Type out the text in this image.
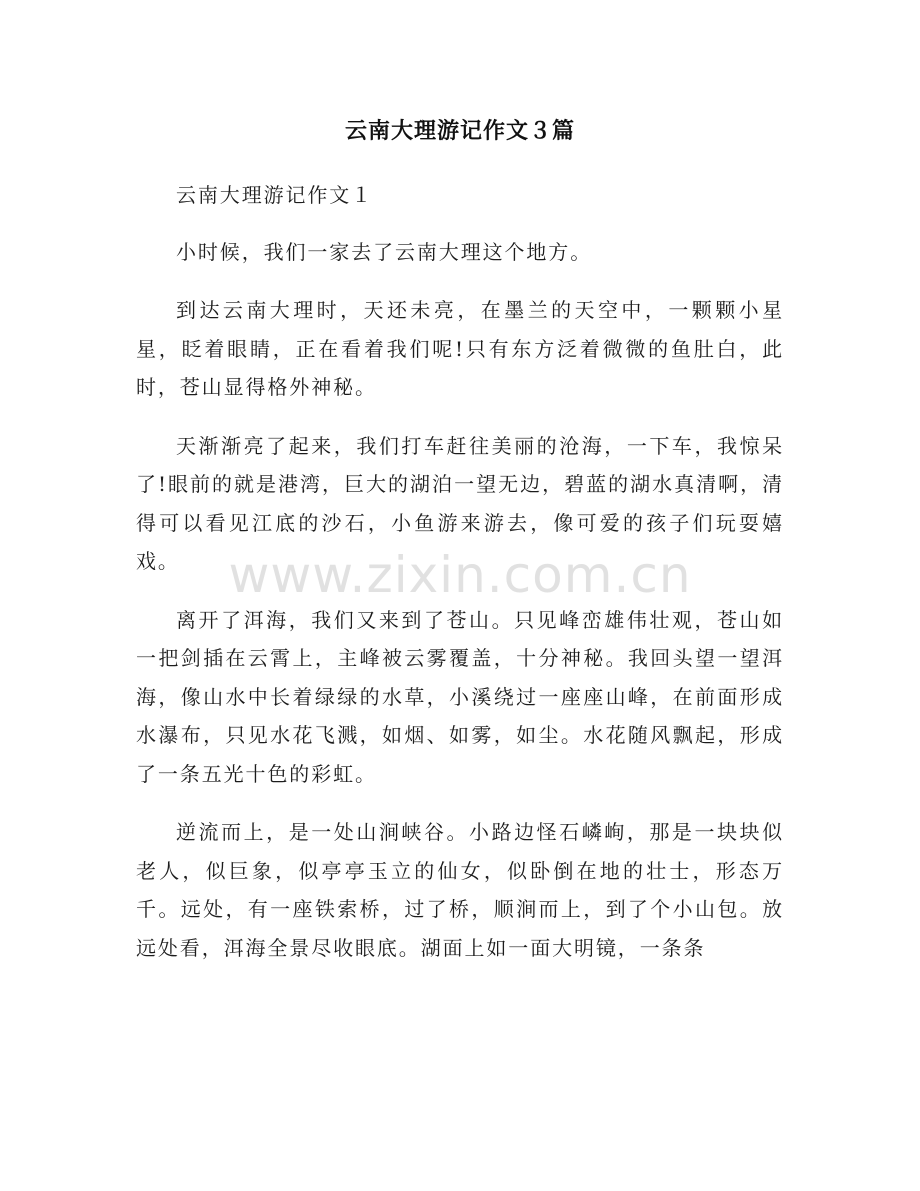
云南大理游记作文３篇

云南大理游记作文１

小时候，我们一家去了云南大理这个地方。

到达云南大理时，天还未亮，在墨兰的天空中，一颗颗小星星，眨着眼睛，正在看着我们呢!只有东方泛着微微的鱼肚白，此时，苍山显得格外神秘。

天渐渐亮了起来，我们打车赶往美丽的沧海，一下车，我惊呆了!眼前的就是港湾，巨大的湖泊一望无边，碧蓝的湖水真清啊，清得可以看见江底的沙石，小鱼游来游去，像可爱的孩子们玩耍嬉戏。

离开了洱海，我们又来到了苍山。只见峰峦雄伟壮观，苍山如一把剑插在云霄上，主峰被云雾覆盖，十分神秘。我回头望一望洱海，像山水中长着绿绿的水草，小溪绕过一座座山峰，在前面形成水瀑布，只见水花飞溅，如烟、如雾，如尘。水花随风飘起，形成了一条五光十色的彩虹。

逆流而上，是一处山涧峡谷。小路边怪石嶙峋，那是一块块似老人，似巨象，似亭亭玉立的仙女，似卧倒在地的壮士，形态万千。远处，有一座铁索桥，过了桥，顺涧而上，到了个小山包。放远处看，洱海全景尽收眼底。湖面上如一面大明镜，一条条

www.zixin.com.cn
